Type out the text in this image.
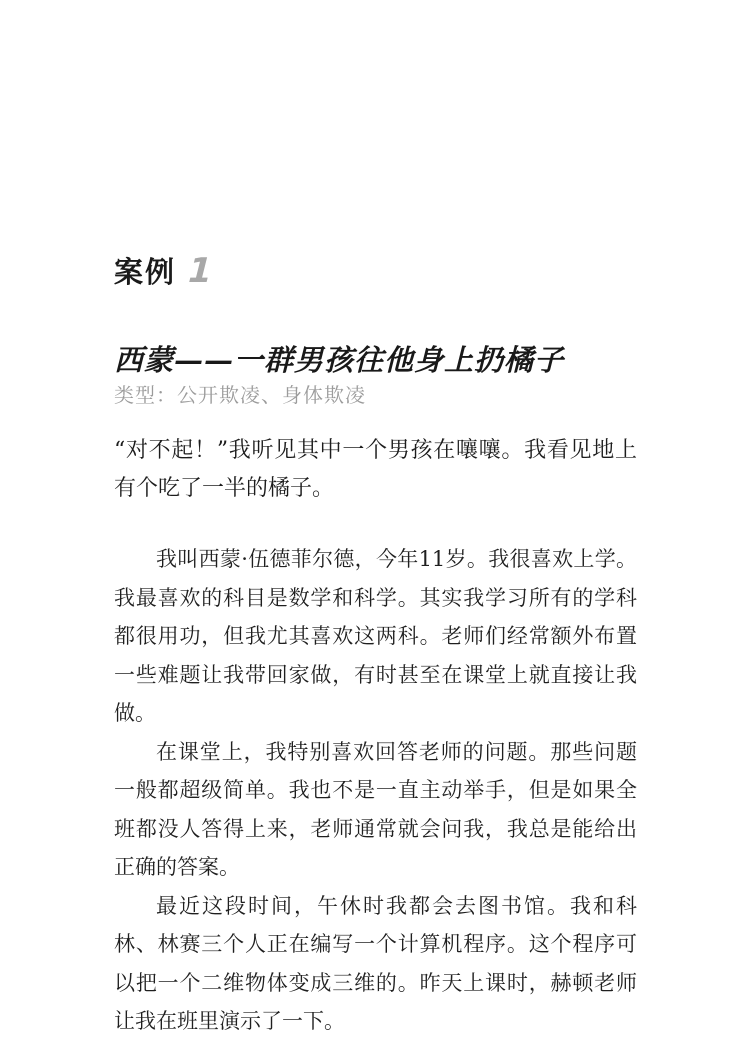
案例 1
西蒙——一群男孩往他身上扔橘子
类型：公开欺凌、身体欺凌

“对不起！”我听见其中一个男孩在嚷嚷。我看见地上有个吃了一半的橘子。

我叫西蒙·伍德菲尔德，今年11岁。我很喜欢上学。我最喜欢的科目是数学和科学。其实我学习所有的学科都很用功，但我尤其喜欢这两科。老师们经常额外布置一些难题让我带回家做，有时甚至在课堂上就直接让我做。

在课堂上，我特别喜欢回答老师的问题。那些问题一般都超级简单。我也不是一直主动举手，但是如果全班都没人答得上来，老师通常就会问我，我总是能给出正确的答案。

最近这段时间，午休时我都会去图书馆。我和科林、林赛三个人正在编写一个计算机程序。这个程序可以把一个二维物体变成三维的。昨天上课时，赫顿老师让我在班里演示了一下。
